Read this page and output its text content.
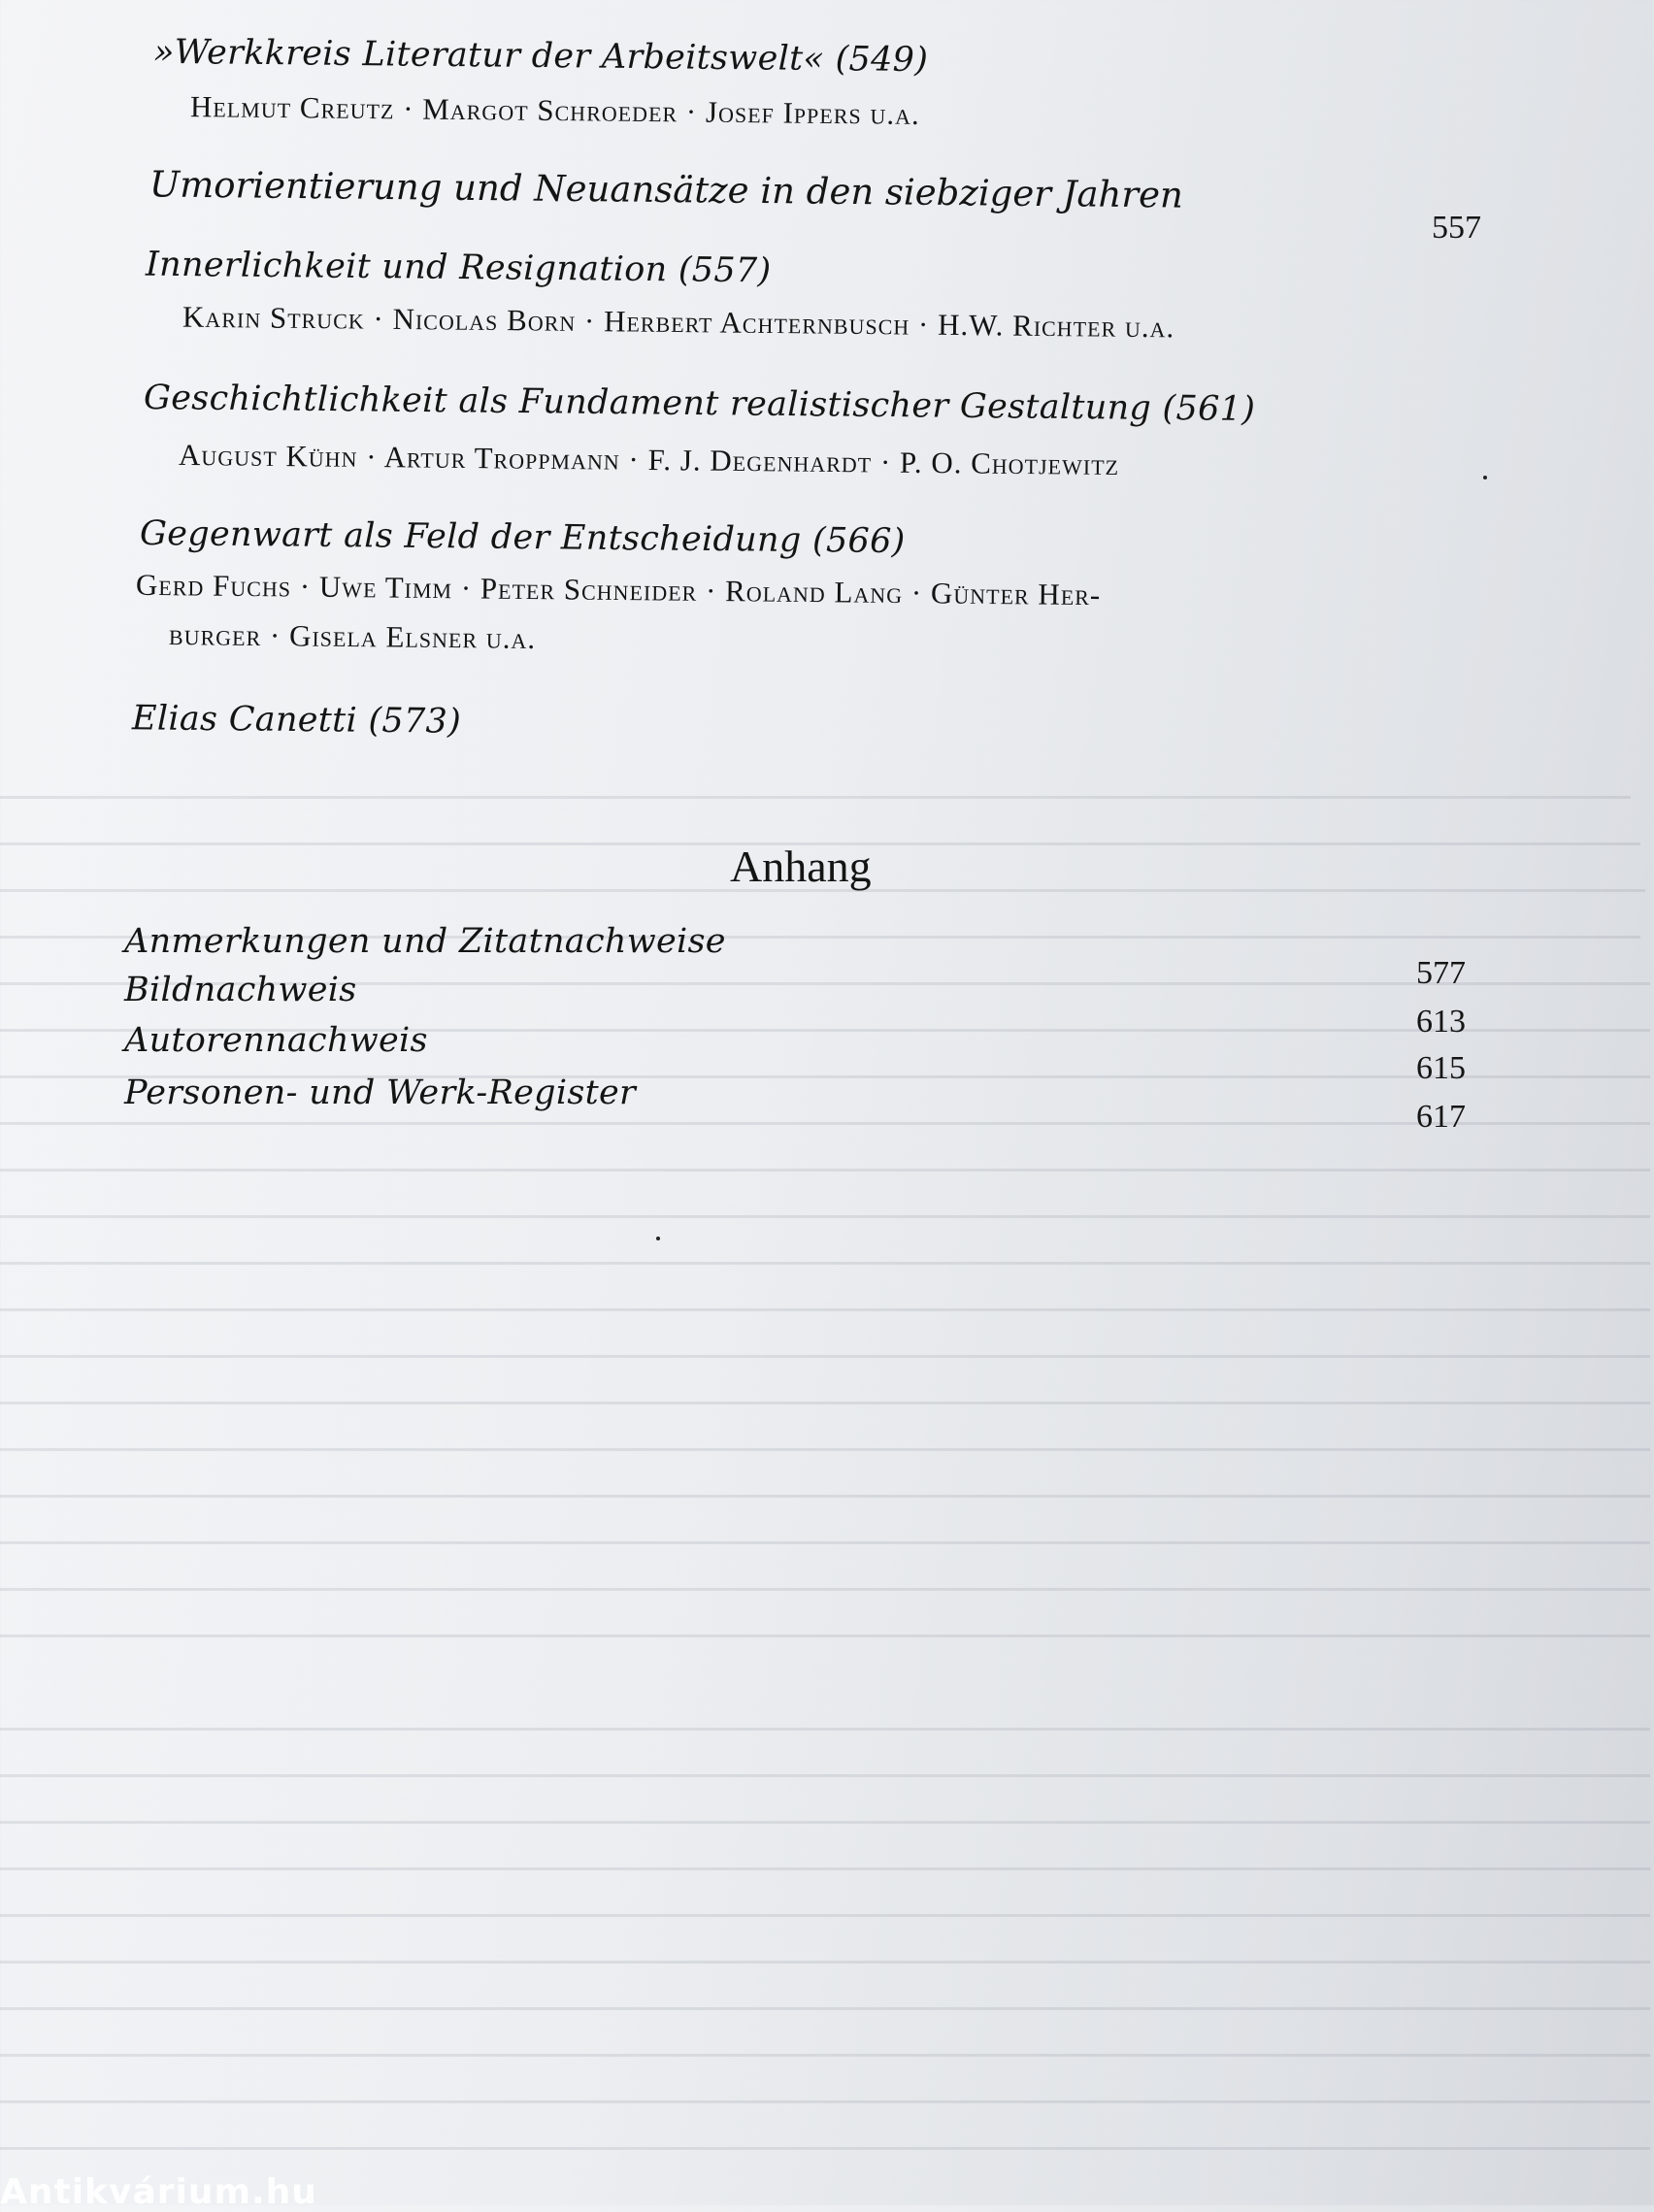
»Werkkreis Literatur der Arbeitswelt« (549)
Helmut Creutz · Margot Schroeder · Josef Ippers u.a.
Umorientierung und Neuansätze in den siebziger Jahren
557
Innerlichkeit und Resignation (557)
Karin Struck · Nicolas Born · Herbert Achternbusch · H.W. Richter u.a.
Geschichtlichkeit als Fundament realistischer Gestaltung (561)
August Kühn · Artur Troppmann · F. J. Degenhardt · P. O. Chotjewitz
Gegenwart als Feld der Entscheidung (566)
Gerd Fuchs · Uwe Timm · Peter Schneider · Roland Lang · Günter Her-
burger · Gisela Elsner u.a.
Elias Canetti (573)
Anhang
Anmerkungen und Zitatnachweise
577
Bildnachweis
613
Autorennachweis
615
Personen- und Werk-Register
617
Antikvárium.hu
